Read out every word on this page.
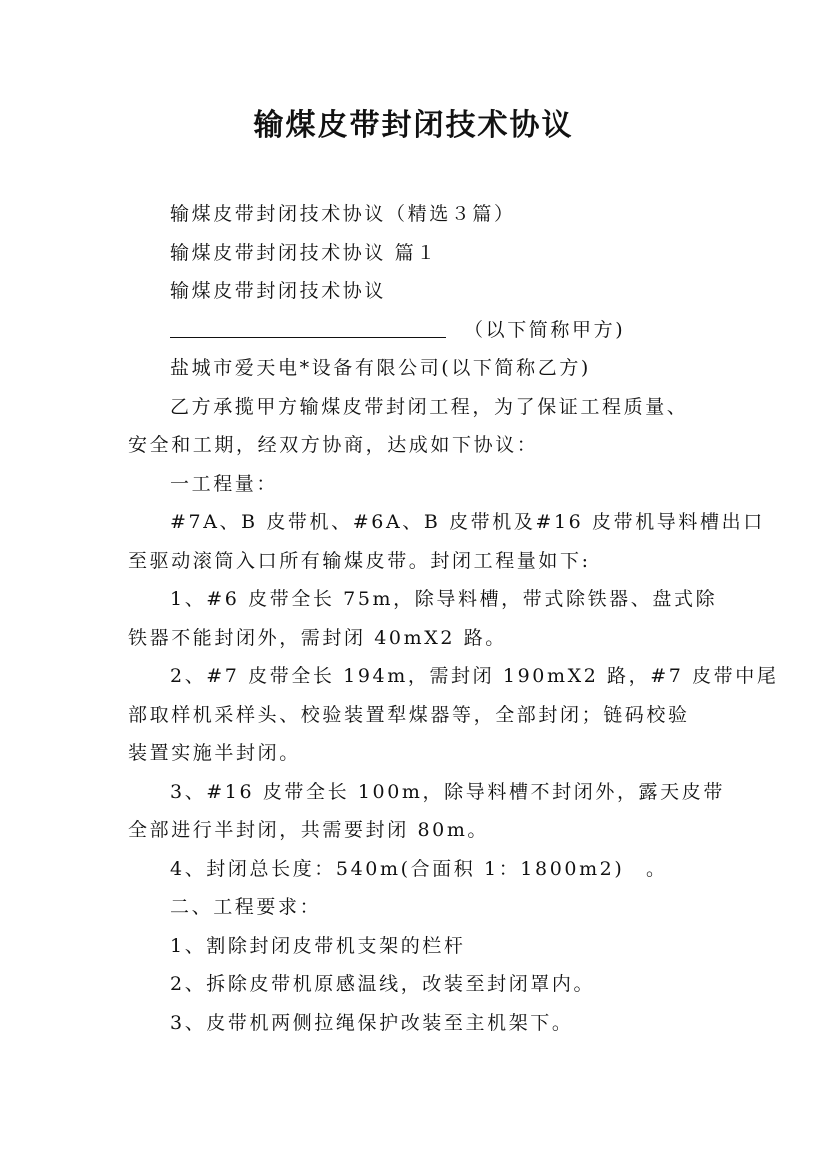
输煤皮带封闭技术协议

输煤皮带封闭技术协议（精选３篇）

输煤皮带封闭技术协议 篇１

输煤皮带封闭技术协议

（以下简称甲方)

盐城市爱天电*设备有限公司(以下简称乙方)

乙方承揽甲方输煤皮带封闭工程，为了保证工程质量、

安全和工期，经双方协商，达成如下协议：

一工程量：

#7A、B 皮带机、#6A、B 皮带机及#16 皮带机导料槽出口

至驱动滚筒入口所有输煤皮带。封闭工程量如下:

1、#6 皮带全长 75m，除导料槽，带式除铁器、盘式除

铁器不能封闭外，需封闭 40mX2 路。

2、#7 皮带全长 194m，需封闭 190mX2 路，#7 皮带中尾

部取样机采样头、校验装置犁煤器等，全部封闭；链码校验

装置实施半封闭。

3、#16 皮带全长 100m，除导料槽不封闭外，露天皮带

全部进行半封闭，共需要封闭 80m。

4、封闭总长度：540m(合面积 1：1800m2)　。

二、工程要求：

1、割除封闭皮带机支架的栏杆

2、拆除皮带机原感温线，改装至封闭罩内。

3、皮带机两侧拉绳保护改装至主机架下。
